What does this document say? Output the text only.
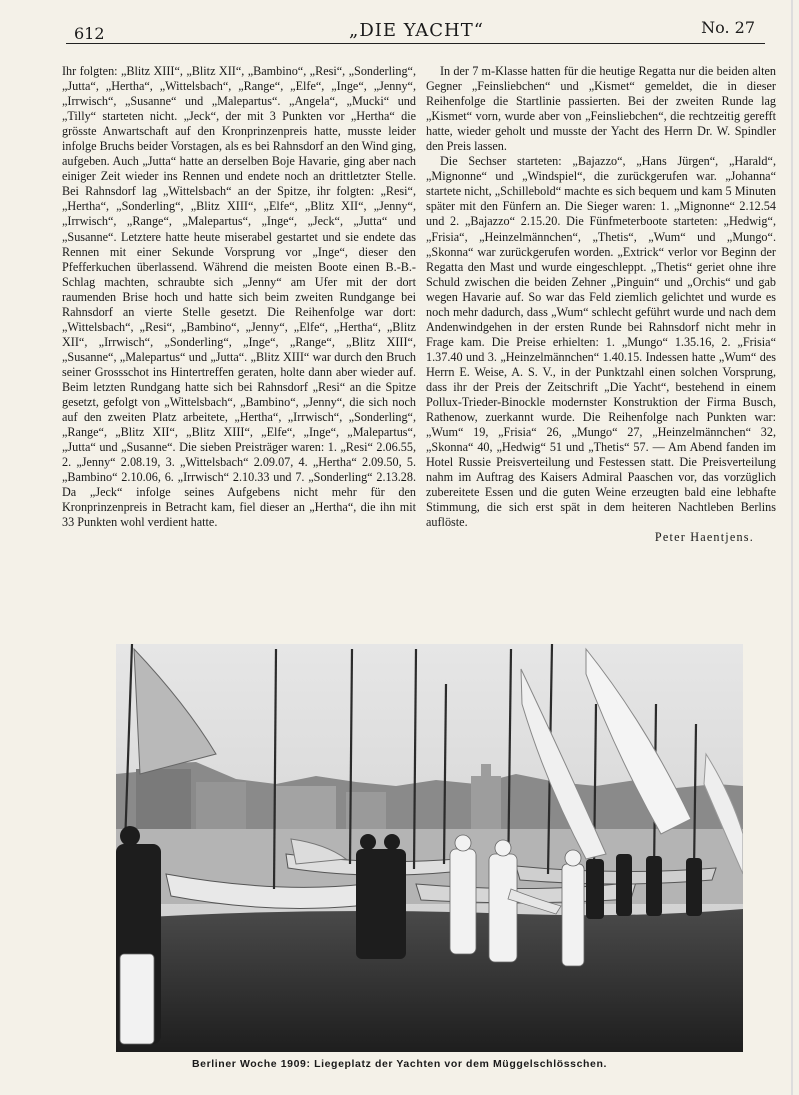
612	„DIE YACHT“	No. 27

Ihr folgten: „Blitz XIII“, „Blitz XII“, „Bambino“, „Resi“, „Sonderling“, „Jutta“, „Hertha“, „Wittelsbach“, „Range“, „Elfe“, „Inge“, „Jenny“, „Irrwisch“, „Susanne“ und „Malepartus“. „Angela“, „Mucki“ und „Tilly“ starteten nicht. „Jeck“, der mit 3 Punkten vor „Hertha“ die grösste Anwartschaft auf den Kronprinzenpreis hatte, musste leider infolge Bruchs beider Vorstagen, als es bei Rahnsdorf an den Wind ging, aufgeben. Auch „Jutta“ hatte an derselben Boje Havarie, ging aber nach einiger Zeit wieder ins Rennen und endete noch an drittletzter Stelle. Bei Rahnsdorf lag „Wittelsbach“ an der Spitze, ihr folgten: „Resi“, „Hertha“, „Sonderling“, „Blitz XIII“, „Elfe“, „Blitz XII“, „Jenny“, „Irrwisch“, „Range“, „Malepartus“, „Inge“, „Jeck“, „Jutta“ und „Susanne“. Letztere hatte heute miserabel gestartet und sie endete das Rennen mit einer Sekunde Vorsprung vor „Inge“, dieser den Pfefferkuchen überlassend. Während die meisten Boote einen B.-B.-Schlag machten, schraubte sich „Jenny“ am Ufer mit der dort raumenden Brise hoch und hatte sich beim zweiten Rundgange bei Rahnsdorf an vierte Stelle gesetzt. Die Reihenfolge war dort: „Wittelsbach“, „Resi“, „Bambino“, „Jenny“, „Elfe“, „Hertha“, „Blitz XII“, „Irrwisch“, „Sonderling“, „Inge“, „Range“, „Blitz XIII“, „Susanne“, „Malepartus“ und „Jutta“. „Blitz XIII“ war durch den Bruch seiner Grossschot ins Hintertreffen geraten, holte dann aber wieder auf. Beim letzten Rundgang hatte sich bei Rahnsdorf „Resi“ an die Spitze gesetzt, gefolgt von „Wittelsbach“, „Bambino“, „Jenny“, die sich noch auf den zweiten Platz arbeitete, „Hertha“, „Irrwisch“, „Sonderling“, „Range“, „Blitz XII“, „Blitz XIII“, „Elfe“, „Inge“, „Malepartus“, „Jutta“ und „Susanne“. Die sieben Preisträger waren: 1. „Resi“ 2.06.55, 2. „Jenny“ 2.08.19, 3. „Wittelsbach“ 2.09.07, 4. „Hertha“ 2.09.50, 5. „Bambino“ 2.10.06, 6. „Irrwisch“ 2.10.33 und 7. „Sonderling“ 2.13.28. Da „Jeck“ infolge seines Aufgebens nicht mehr für den Kronprinzenpreis in Betracht kam, fiel dieser an „Hertha“, die ihn mit 33 Punkten wohl verdient hatte.

In der 7 m-Klasse hatten für die heutige Regatta nur die beiden alten Gegner „Feinsliebchen“ und „Kismet“ gemeldet, die in dieser Reihenfolge die Startlinie passierten. Bei der zweiten Runde lag „Kismet“ vorn, wurde aber von „Feinsliebchen“, die rechtzeitig gerefft hatte, wieder geholt und musste der Yacht des Herrn Dr. W. Spindler den Preis lassen.

Die Sechser starteten: „Bajazzo“, „Hans Jürgen“, „Harald“, „Mignonne“ und „Windspiel“, die zurückgerufen war. „Johanna“ startete nicht, „Schillebold“ machte es sich bequem und kam 5 Minuten später mit den Fünfern an. Die Sieger waren: 1. „Mignonne“ 2.12.54 und 2. „Bajazzo“ 2.15.20. Die Fünfmeterboote starteten: „Hedwig“, „Frisia“, „Heinzelmännchen“, „Thetis“, „Wum“ und „Mungo“. „Skonna“ war zurückgerufen worden. „Extrick“ verlor vor Beginn der Regatta den Mast und wurde eingeschleppt. „Thetis“ geriet ohne ihre Schuld zwischen die beiden Zehner „Pinguin“ und „Orchis“ und gab wegen Havarie auf. So war das Feld ziemlich gelichtet und wurde es noch mehr dadurch, dass „Wum“ schlecht geführt wurde und nach dem Andenwindgehen in der ersten Runde bei Rahnsdorf nicht mehr in Frage kam. Die Preise erhielten: 1. „Mungo“ 1.35.16, 2. „Frisia“ 1.37.40 und 3. „Heinzelmännchen“ 1.40.15. Indessen hatte „Wum“ des Herrn E. Weise, A. S. V., in der Punktzahl einen solchen Vorsprung, dass ihr der Preis der Zeitschrift „Die Yacht“, bestehend in einem Pollux-Trieder-Binockle modernster Konstruktion der Firma Busch, Rathenow, zuerkannt wurde. Die Reihenfolge nach Punkten war: „Wum“ 19, „Frisia“ 26, „Mungo“ 27, „Heinzelmännchen“ 32, „Skonna“ 40, „Hedwig“ 51 und „Thetis“ 57. — Am Abend fanden im Hotel Russie Preisverteilung und Festessen statt. Die Preisverteilung nahm im Auftrag des Kaisers Admiral Paaschen vor, das vorzüglich zubereitete Essen und die guten Weine erzeugten bald eine lebhafte Stimmung, die sich erst spät in dem heiteren Nachtleben Berlins auflöste.

Peter Haentjens.

Berliner Woche 1909: Liegeplatz der Yachten vor dem Müggelschlösschen.
